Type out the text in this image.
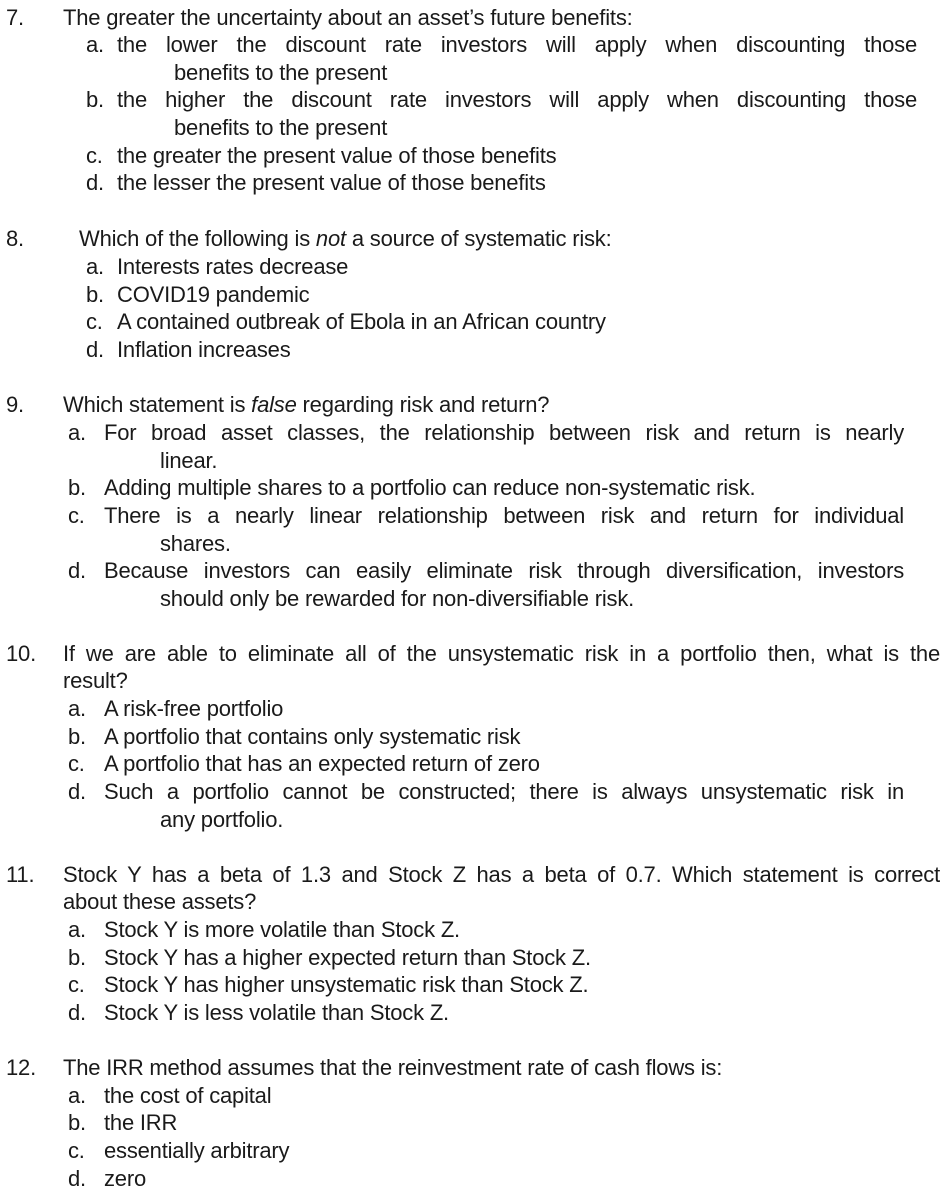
7. The greater the uncertainty about an asset’s future benefits:
a. the lower the discount rate investors will apply when discounting those
benefits to the present
b. the higher the discount rate investors will apply when discounting those
benefits to the present
c. the greater the present value of those benefits
d. the lesser the present value of those benefits
8.	Which of the following is not a source of systematic risk:
a. Interests rates decrease
b. COVID19 pandemic
c. A contained outbreak of Ebola in an African country
d. Inflation increases
9. Which statement is false regarding risk and return?
a. For broad asset classes, the relationship between risk and return is nearly
linear.
b. Adding multiple shares to a portfolio can reduce non-systematic risk.
c. There is a nearly linear relationship between risk and return for individual
shares.
d. Because investors can easily eliminate risk through diversification, investors
should only be rewarded for non-diversifiable risk.
10. If we are able to eliminate all of the unsystematic risk in a portfolio then, what is the
result?
a. A risk-free portfolio
b. A portfolio that contains only systematic risk
c. A portfolio that has an expected return of zero
d. Such a portfolio cannot be constructed; there is always unsystematic risk in
any portfolio.
11. Stock Y has a beta of 1.3 and Stock Z has a beta of 0.7. Which statement is correct
about these assets?
a. Stock Y is more volatile than Stock Z.
b. Stock Y has a higher expected return than Stock Z.
c. Stock Y has higher unsystematic risk than Stock Z.
d. Stock Y is less volatile than Stock Z.
12. The IRR method assumes that the reinvestment rate of cash flows is:
a. the cost of capital
b. the IRR
c. essentially arbitrary
d. zero
